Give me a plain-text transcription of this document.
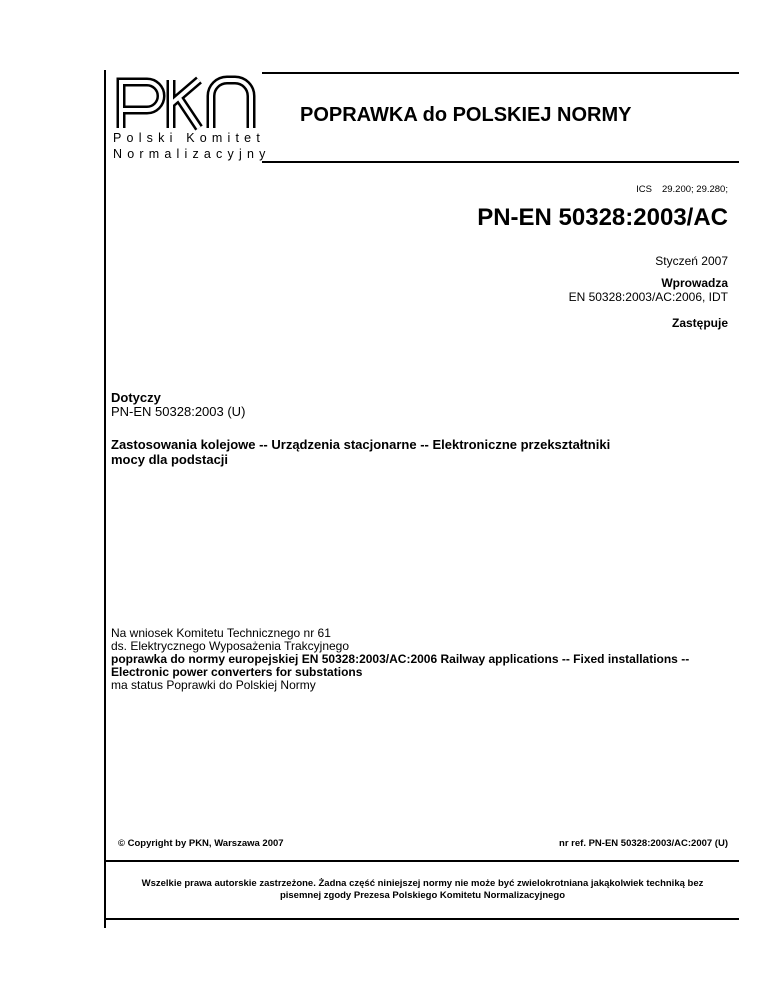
Polski Komitet
Normalizacyjny
POPRAWKA do POLSKIEJ NORMY
ICS 29.200; 29.280;
PN-EN 50328:2003/AC
Styczeń 2007
Wprowadza
EN 50328:2003/AC:2006, IDT
Zastępuje
Dotyczy
PN-EN 50328:2003 (U)
Zastosowania kolejowe -- Urządzenia stacjonarne -- Elektroniczne przekształtniki
mocy dla podstacji
Na wniosek Komitetu Technicznego nr 61
ds. Elektrycznego Wyposażenia Trakcyjnego
poprawka do normy europejskiej EN 50328:2003/AC:2006 Railway applications -- Fixed installations --
Electronic power converters for substations
ma status Poprawki do Polskiej Normy
© Copyright by PKN, Warszawa 2007	nr ref. PN-EN 50328:2003/AC:2007 (U)
Wszelkie prawa autorskie zastrzeżone. Żadna część niniejszej normy nie może być zwielokrotniana jakąkolwiek techniką bez
pisemnej zgody Prezesa Polskiego Komitetu Normalizacyjnego
